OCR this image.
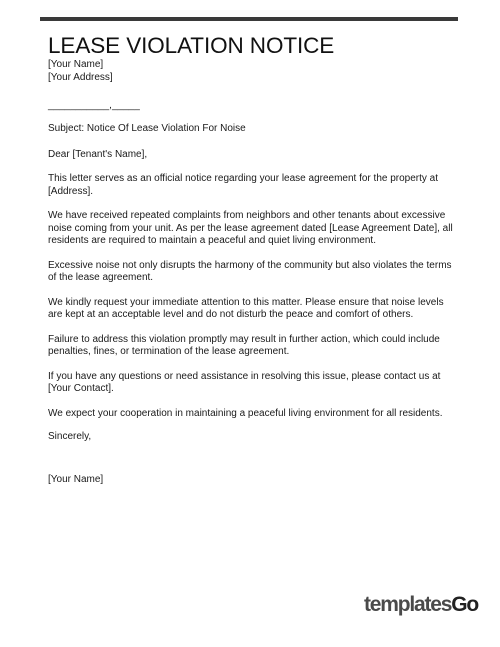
LEASE VIOLATION NOTICE
[Your Name]
[Your Address]
___________,_____

Subject: Notice Of Lease Violation For Noise

Dear [Tenant's Name],

This letter serves as an official notice regarding your lease agreement for the property at [Address].

We have received repeated complaints from neighbors and other tenants about excessive noise coming from your unit. As per the lease agreement dated [Lease Agreement Date], all residents are required to maintain a peaceful and quiet living environment.

Excessive noise not only disrupts the harmony of the community but also violates the terms of the lease agreement.

We kindly request your immediate attention to this matter. Please ensure that noise levels are kept at an acceptable level and do not disturb the peace and comfort of others.

Failure to address this violation promptly may result in further action, which could include penalties, fines, or termination of the lease agreement.

If you have any questions or need assistance in resolving this issue, please contact us at [Your Contact].

We expect your cooperation in maintaining a peaceful living environment for all residents.

Sincerely,

[Your Name]
templatesGo
